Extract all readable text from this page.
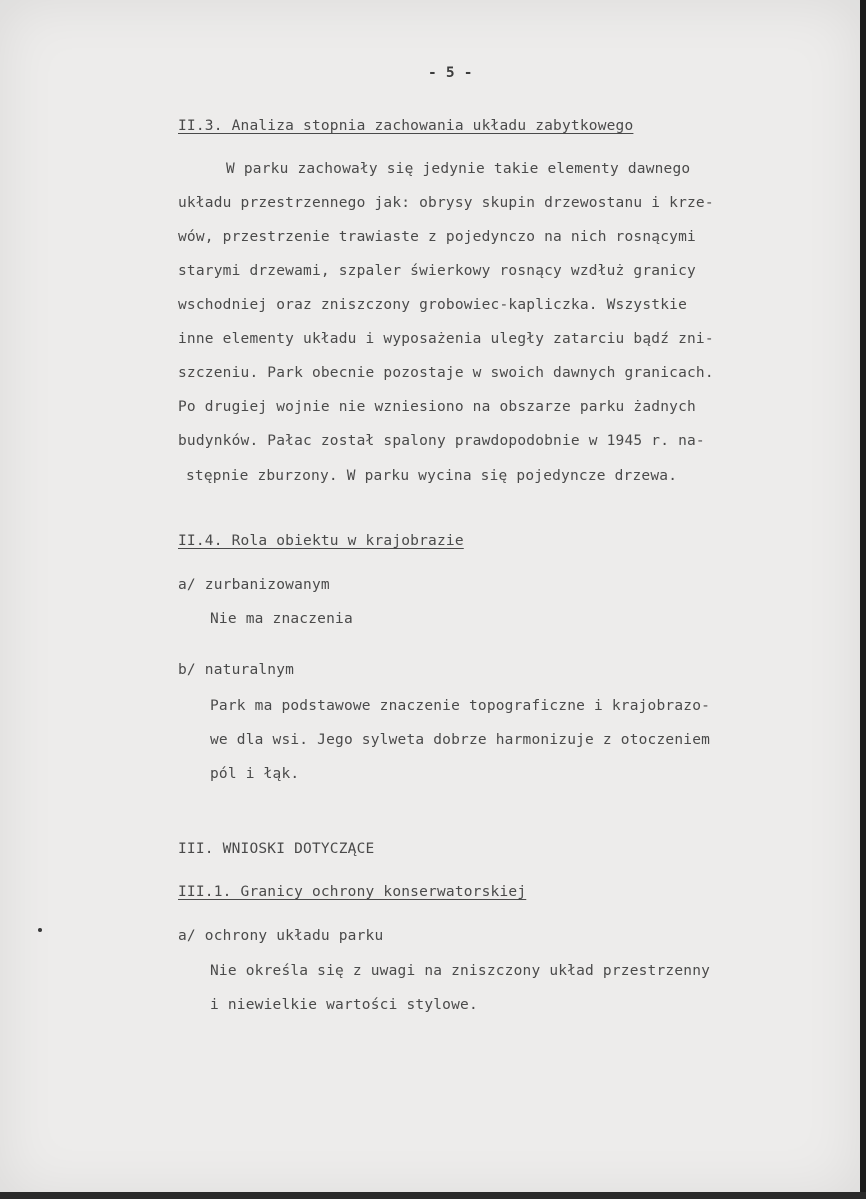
- 5 -
II.3. Analiza stopnia zachowania układu zabytkowego
W parku zachowały się jedynie takie elementy dawnego
układu przestrzennego jak: obrysy skupin drzewostanu i krze-
wów, przestrzenie trawiaste z pojedynczo na nich rosnącymi
starymi drzewami, szpaler świerkowy rosnący wzdłuż granicy
wschodniej oraz zniszczony grobowiec-kapliczka. Wszystkie
inne elementy układu i wyposażenia uległy zatarciu bądź zni-
szczeniu. Park obecnie pozostaje w swoich dawnych granicach.
Po drugiej wojnie nie wzniesiono na obszarze parku żadnych
budynków. Pałac został spalony prawdopodobnie w 1945 r. na-
stępnie zburzony. W parku wycina się pojedyncze drzewa.
II.4. Rola obiektu w krajobrazie
a/ zurbanizowanym
Nie ma znaczenia
b/ naturalnym
Park ma podstawowe znaczenie topograficzne i krajobrazo-
we dla wsi. Jego sylweta dobrze harmonizuje z otoczeniem
pól i łąk.
III. WNIOSKI DOTYCZĄCE
III.1. Granicy ochrony konserwatorskiej
a/ ochrony układu parku
Nie określa się z uwagi na zniszczony układ przestrzenny
i niewielkie wartości stylowe.
